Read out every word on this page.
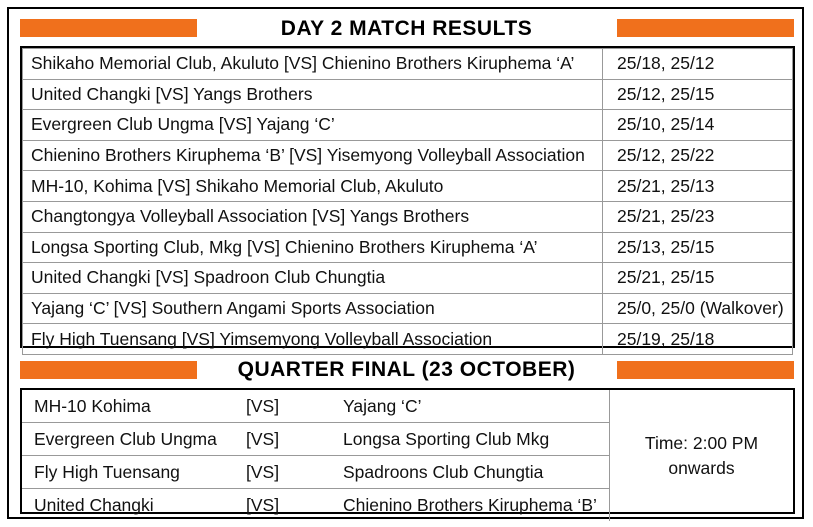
DAY 2 MATCH RESULTS
Shikaho Memorial Club, Akuluto [VS] Chienino Brothers Kiruphema ‘A’	25/18, 25/12
United Changki [VS] Yangs Brothers	25/12, 25/15
Evergreen Club Ungma [VS] Yajang ‘C’	25/10, 25/14
Chienino Brothers Kiruphema ‘B’ [VS] Yisemyong Volleyball Association	25/12, 25/22
MH-10, Kohima [VS] Shikaho Memorial Club, Akuluto	25/21, 25/13
Changtongya Volleyball Association [VS] Yangs Brothers	25/21, 25/23
Longsa Sporting Club, Mkg [VS] Chienino Brothers Kiruphema ‘A’	25/13, 25/15
United Changki [VS] Spadroon Club Chungtia	25/21, 25/15
Yajang ‘C’ [VS] Southern Angami Sports Association	25/0, 25/0 (Walkover)
Fly High Tuensang [VS] Yimsemyong Volleyball Association	25/19, 25/18
QUARTER FINAL (23 OCTOBER)
MH-10 Kohima	[VS]	Yajang ‘C’	Time: 2:00 PM
onwards

Evergreen Club Ungma	[VS]	Longsa Sporting Club Mkg	
Fly High Tuensang	[VS]	Spadroons Club Chungtia	
United Changki	[VS]	Chienino Brothers Kiruphema ‘B’	
